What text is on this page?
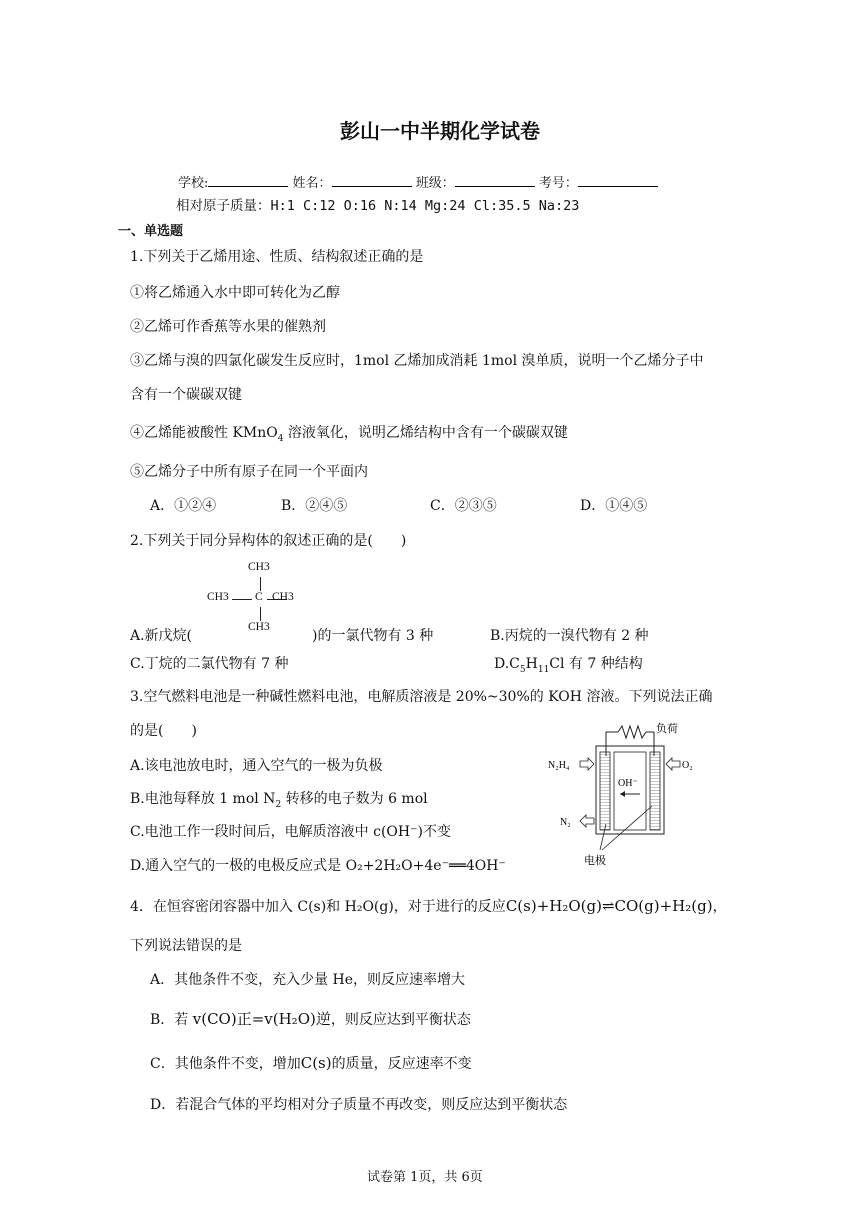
彭山一中半期化学试卷
学校:	姓名：	班级：	考号：
相对原子质量：H:1 C:12 O:16 N:14 Mg:24 Cl:35.5 Na:23
一、单选题
1.下列关于乙烯用途、性质、结构叙述正确的是
①将乙烯通入水中即可转化为乙醇
②乙烯可作香蕉等水果的催熟剂
③乙烯与溴的四氯化碳发生反应时，1mol 乙烯加成消耗 1mol 溴单质，说明一个乙烯分子中
含有一个碳碳双键
④乙烯能被酸性 KMnO$_4$ 溶液氧化，说明乙烯结构中含有一个碳碳双键
⑤乙烯分子中所有原子在同一个平面内
A．①②④	B．②④⑤	C．②③⑤	D．①④⑤
2.下列关于同分异构体的叙述正确的是(　　)
CH3
CH3 C CH3
CH3
A.新戊烷(	)的一氯代物有 3 种	B.丙烷的一溴代物有 2 种
C.丁烷的二氯代物有 7 种	$D.C_5H_{11}Cl$ 有 7 种结构
3.空气燃料电池是一种碱性燃料电池，电解质溶液是 20%~30%的 KOH 溶液。下列说法正确
的是(　　)
A.该电池放电时，通入空气的一极为负极
B.电池每释放 1 mol $N_2$ 转移的电子数为 6 mol
C.电池工作一段时间后，电解质溶液中 c(OH⁻)不变
D.通入空气的一极的电极反应式是 O₂+2H₂O+4e⁻══4OH⁻
负荷
N₂H₄	O₂
OH⁻
N₂
电极
4．在恒容密闭容器中加入 C(s)和 H₂O(g)，对于进行的反应C(s)+H₂O(g)⇌CO(g)+H₂(g)，
下列说法错误的是
A．其他条件不变，充入少量 He，则反应速率增大
B．若 v(CO)正=v(H₂O)逆，则反应达到平衡状态
C．其他条件不变，增加C(s)的质量，反应速率不变
D．若混合气体的平均相对分子质量不再改变，则反应达到平衡状态
试卷第 1页，共 6页
